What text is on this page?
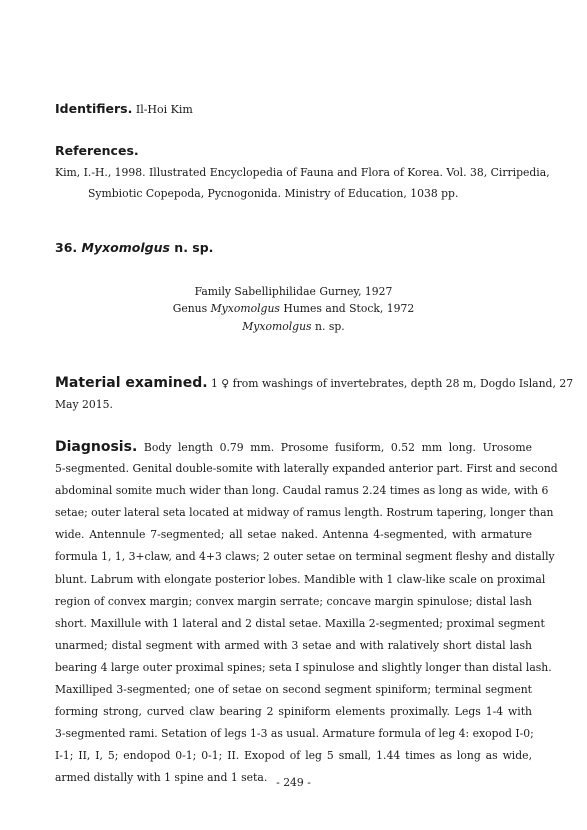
Identifiers. Il-Hoi Kim
References.
Kim, I.-H., 1998. Illustrated Encyclopedia of Fauna and Flora of Korea. Vol. 38, Cirripedia,
Symbiotic Copepoda, Pycnogonida. Ministry of Education, 1038 pp.
36. Myxomolgus n. sp.
Family Sabelliphilidae Gurney, 1927
Genus Myxomolgus Humes and Stock, 1972
Myxomolgus n. sp.
Material examined. 1 ♀ from washings of invertebrates, depth 28 m, Dogdo Island, 27
May 2015.
Diagnosis. Body length 0.79 mm. Prosome fusiform, 0.52 mm long. Urosome
5-segmented. Genital double-somite with laterally expanded anterior part. First and second
abdominal somite much wider than long. Caudal ramus 2.24 times as long as wide, with 6
setae; outer lateral seta located at midway of ramus length. Rostrum tapering, longer than
wide. Antennule 7-segmented; all setae naked. Antenna 4-segmented, with armature
formula 1, 1, 3+claw, and 4+3 claws; 2 outer setae on terminal segment fleshy and distally
blunt. Labrum with elongate posterior lobes. Mandible with 1 claw-like scale on proximal
region of convex margin; convex margin serrate; concave margin spinulose; distal lash
short. Maxillule with 1 lateral and 2 distal setae. Maxilla 2-segmented; proximal segment
unarmed; distal segment with armed with 3 setae and with ralatively short distal lash
bearing 4 large outer proximal spines; seta I spinulose and slightly longer than distal lash.
Maxilliped 3-segmented; one of setae on second segment spiniform; terminal segment
forming strong, curved claw bearing 2 spiniform elements proximally. Legs 1-4 with
3-segmented rami. Setation of legs 1-3 as usual. Armature formula of leg 4: exopod I-0;
I-1; II, I, 5; endopod 0-1; 0-1; II. Exopod of leg 5 small, 1.44 times as long as wide,
armed distally with 1 spine and 1 seta. - 249 -
